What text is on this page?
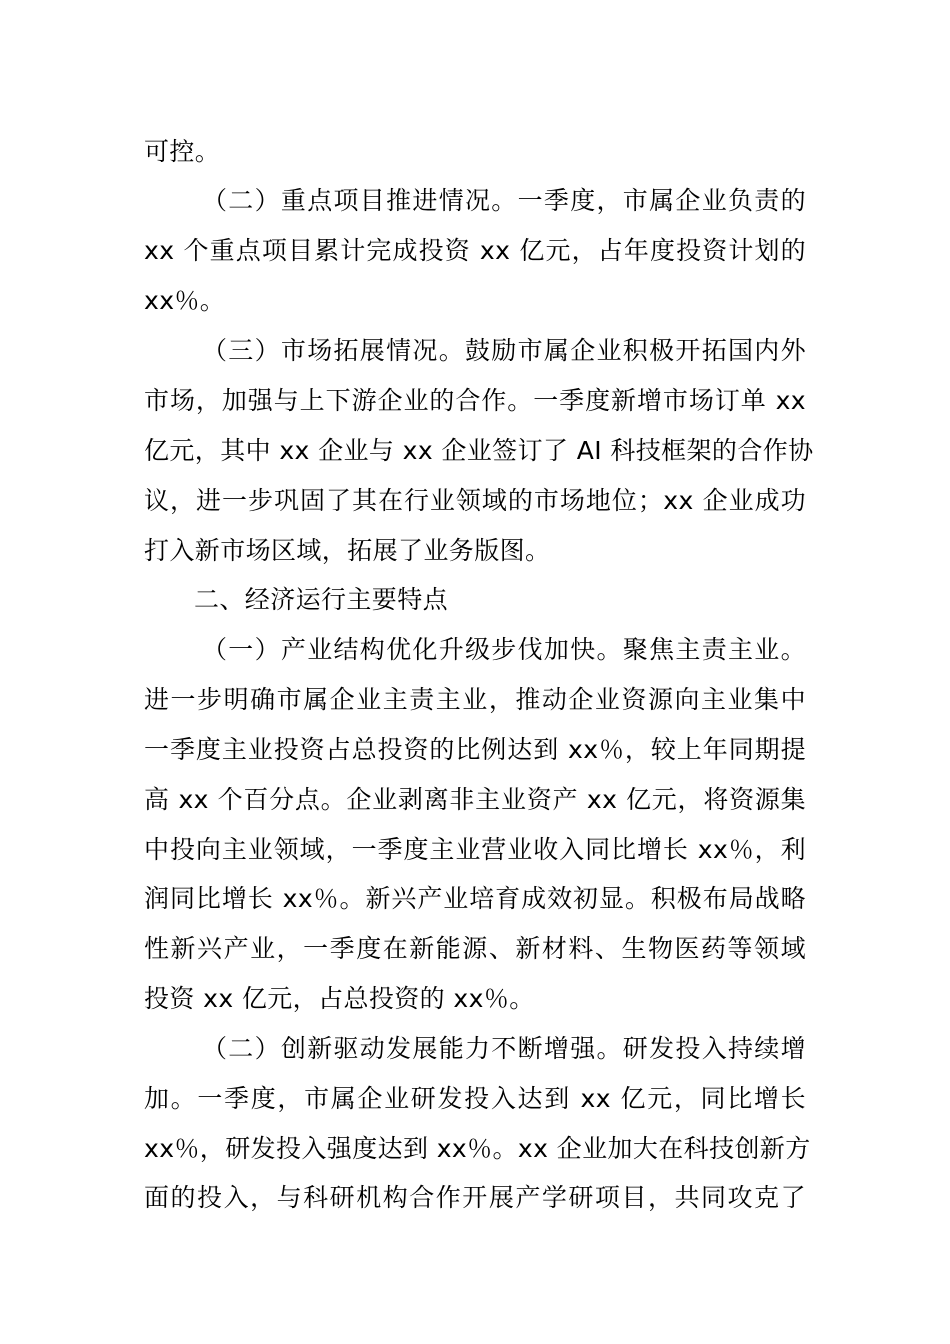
可控。
（二）重点项目推进情况。一季度，市属企业负责的
xx 个重点项目累计完成投资 xx 亿元，占年度投资计划的
xx％。
（三）市场拓展情况。鼓励市属企业积极开拓国内外
市场，加强与上下游企业的合作。一季度新增市场订单 xx
亿元，其中 xx 企业与 xx 企业签订了 AI 科技框架的合作协
议，进一步巩固了其在行业领域的市场地位；xx 企业成功
打入新市场区域，拓展了业务版图。
二、经济运行主要特点
（一）产业结构优化升级步伐加快。聚焦主责主业。
进一步明确市属企业主责主业，推动企业资源向主业集中
一季度主业投资占总投资的比例达到 xx％，较上年同期提
高 xx 个百分点。企业剥离非主业资产 xx 亿元，将资源集
中投向主业领域，一季度主业营业收入同比增长 xx％，利
润同比增长 xx％。新兴产业培育成效初显。积极布局战略
性新兴产业，一季度在新能源、新材料、生物医药等领域
投资 xx 亿元，占总投资的 xx％。
（二）创新驱动发展能力不断增强。研发投入持续增
加。一季度，市属企业研发投入达到 xx 亿元，同比增长
xx％，研发投入强度达到 xx％。xx 企业加大在科技创新方
面的投入，与科研机构合作开展产学研项目，共同攻克了
